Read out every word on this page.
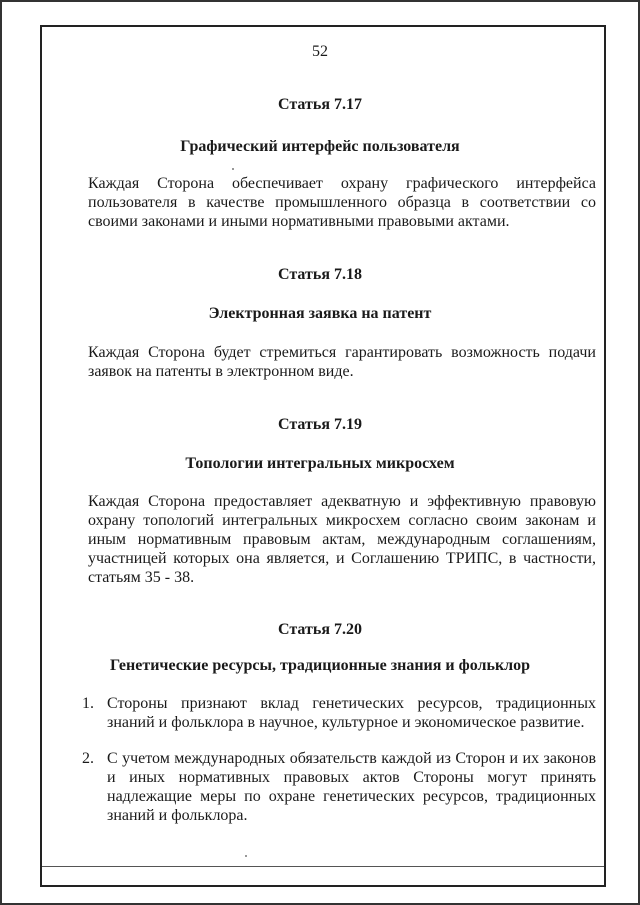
52
Статья 7.17
Графический интерфейс пользователя
Каждая Сторона обеспечивает охрану графического интерфейса пользователя в качестве промышленного образца в соответствии со своими законами и иными нормативными правовыми актами.
Статья 7.18
Электронная заявка на патент
Каждая Сторона будет стремиться гарантировать возможность подачи заявок на патенты в электронном виде.
Статья 7.19
Топологии интегральных микросхем
Каждая Сторона предоставляет адекватную и эффективную правовую охрану топологий интегральных микросхем согласно своим законам и иным нормативным правовым актам, международным соглашениям, участницей которых она является, и Соглашению ТРИПС, в частности, статьям 35 - 38.
Статья 7.20
Генетические ресурсы, традиционные знания и фольклор
1. Стороны признают вклад генетических ресурсов, традиционных знаний и фольклора в научное, культурное и экономическое развитие.
2. С учетом международных обязательств каждой из Сторон и их законов и иных нормативных правовых актов Стороны могут принять надлежащие меры по охране генетических ресурсов, традиционных знаний и фольклора.
